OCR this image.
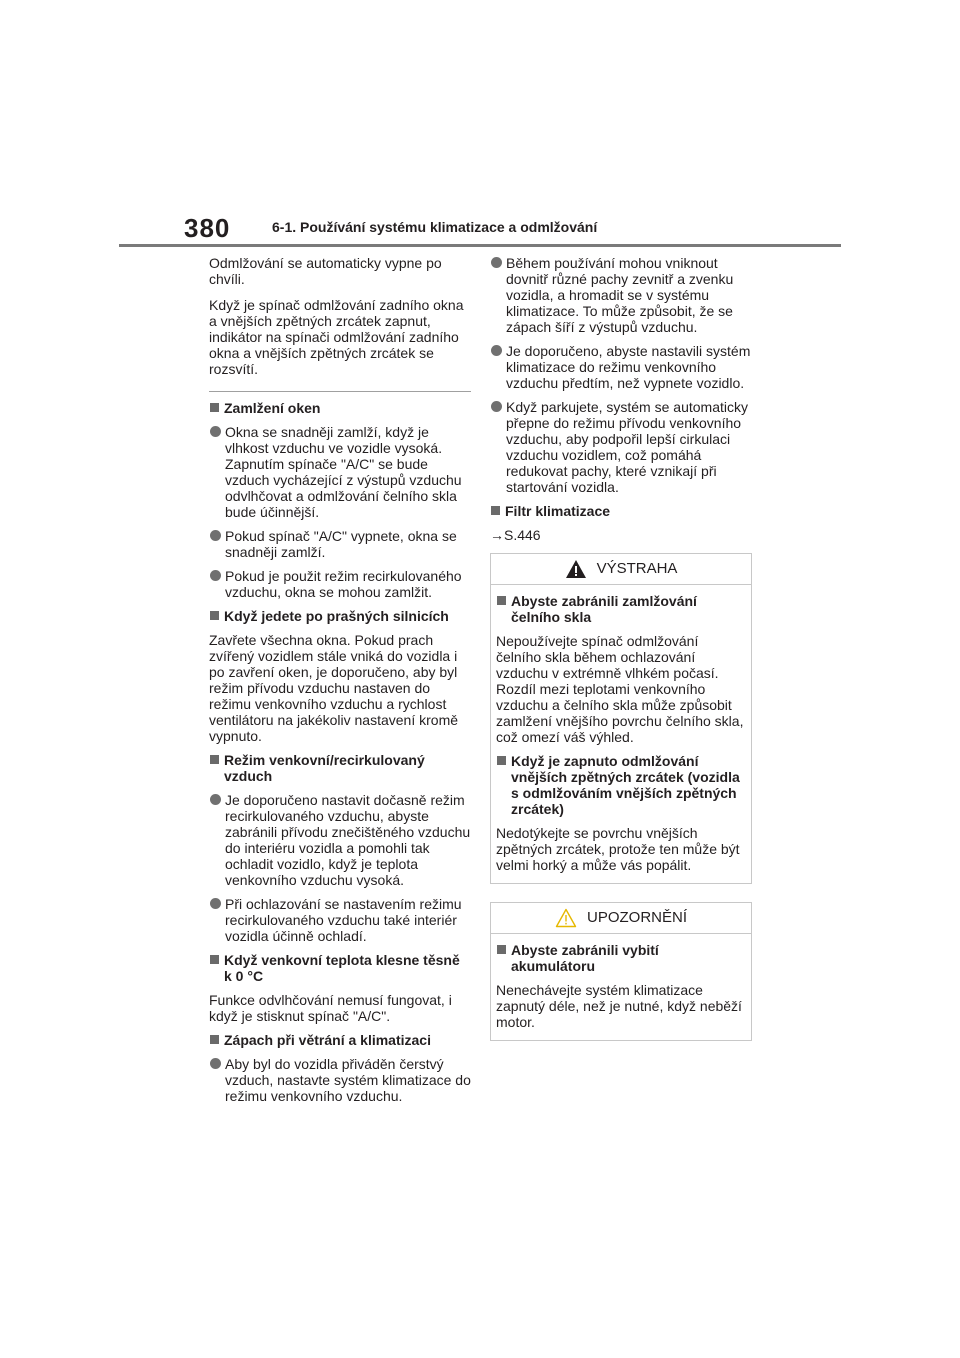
380	6-1. Používání systému klimatizace a odmlžování

Odmlžování se automaticky vypne po chvíli.

Když je spínač odmlžování zadního okna a vnějších zpětných zrcátek zapnut, indikátor na spínači odmlžování zadního okna a vnějších zpětných zrcátek se rozsvítí.

Zamlžení oken
Okna se snadněji zamlží, když je vlhkost vzduchu ve vozidle vysoká. Zapnutím spínače "A/C" se bude vzduch vycházející z výstupů vzduchu odvlhčovat a odmlžování čelního skla bude účinnější.
Pokud spínač "A/C" vypnete, okna se snadněji zamlží.
Pokud je použit režim recirkulovaného vzduchu, okna se mohou zamlžit.
Když jedete po prašných silnicích

Zavřete všechna okna. Pokud prach zvířený vozidlem stále vniká do vozidla i po zavření oken, je doporučeno, aby byl režim přívodu vzduchu nastaven do režimu venkovního vzduchu a rychlost ventilátoru na jakékoliv nastavení kromě vypnuto.

Režim venkovní/recirkulovaný vzduch
Je doporučeno nastavit dočasně režim recirkulovaného vzduchu, abyste zabránili přívodu znečištěného vzduchu do interiéru vozidla a pomohli tak ochladit vozidlo, když je teplota venkovního vzduchu vysoká.
Při ochlazování se nastavením režimu recirkulovaného vzduchu také interiér vozidla účinně ochladí.
Když venkovní teplota klesne těsně k 0 °C

Funkce odvlhčování nemusí fungovat, i když je stisknut spínač "A/C".

Zápach při větrání a klimatizaci
Aby byl do vozidla přiváděn čerstvý vzduch, nastavte systém klimatizace do režimu venkovního vzduchu.
Během používání mohou vniknout dovnitř různé pachy zevnitř a zvenku vozidla, a hromadit se v systému klimatizace. To může způsobit, že se zápach šíří z výstupů vzduchu.
Je doporučeno, abyste nastavili systém klimatizace do režimu venkovního vzduchu předtím, než vypnete vozidlo.
Když parkujete, systém se automaticky přepne do režimu přívodu venkovního vzduchu, aby podpořil lepší cirkulaci vzduchu vozidlem, což pomáhá redukovat pachy, které vznikají při startování vozidla.
Filtr klimatizace

→S.446

VÝSTRAHA
Abyste zabránili zamlžování čelního skla

Nepoužívejte spínač odmlžování čelního skla během ochlazování vzduchu v extrémně vlhkém počasí. Rozdíl mezi teplotami venkovního vzduchu a čelního skla může způsobit zamlžení vnějšího povrchu čelního skla, což omezí váš výhled.

Když je zapnuto odmlžování vnějších zpětných zrcátek (vozidla s odmlžováním vnějších zpětných zrcátek)

Nedotýkejte se povrchu vnějších zpětných zrcátek, protože ten může být velmi horký a může vás popálit.

UPOZORNĚNÍ
Abyste zabránili vybití akumulátoru

Nenechávejte systém klimatizace zapnutý déle, než je nutné, když neběží motor.
